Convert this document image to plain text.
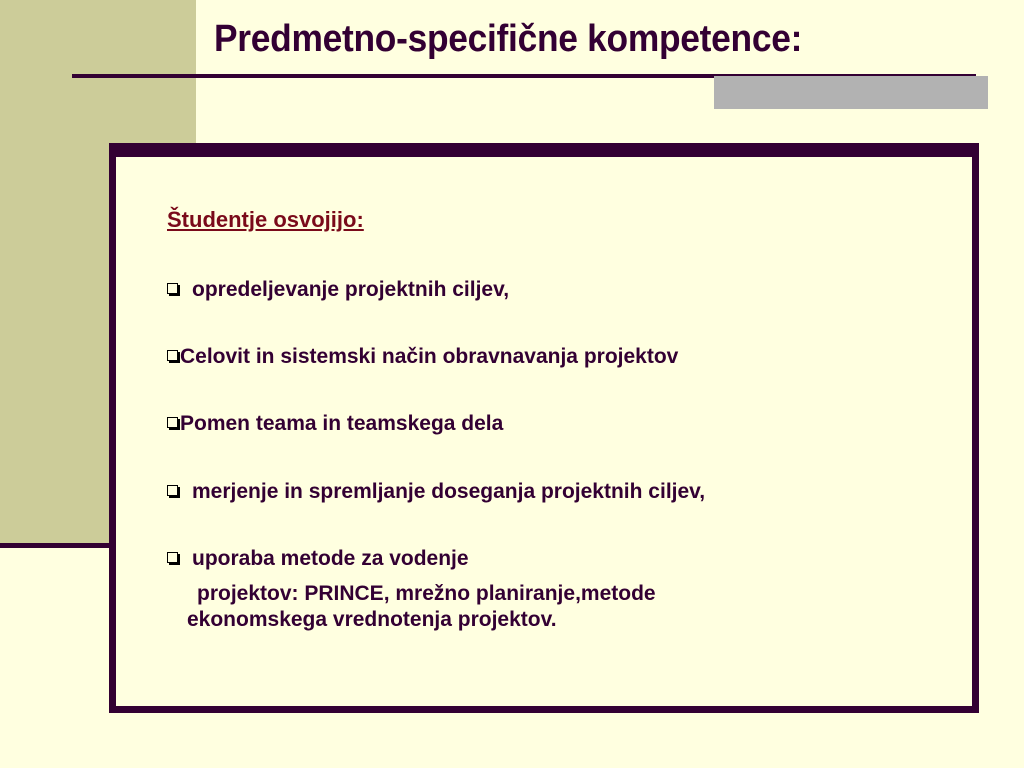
Predmetno-specifične kompetence:
Študentje osvojijo:
opredeljevanje projektnih ciljev,
Celovit in sistemski način obravnavanja projektov
Pomen teama in teamskega dela
merjenje in spremljanje doseganja projektnih ciljev,
uporaba metode za vodenje
projektov: PRINCE, mrežno planiranje,metode
ekonomskega vrednotenja projektov.
